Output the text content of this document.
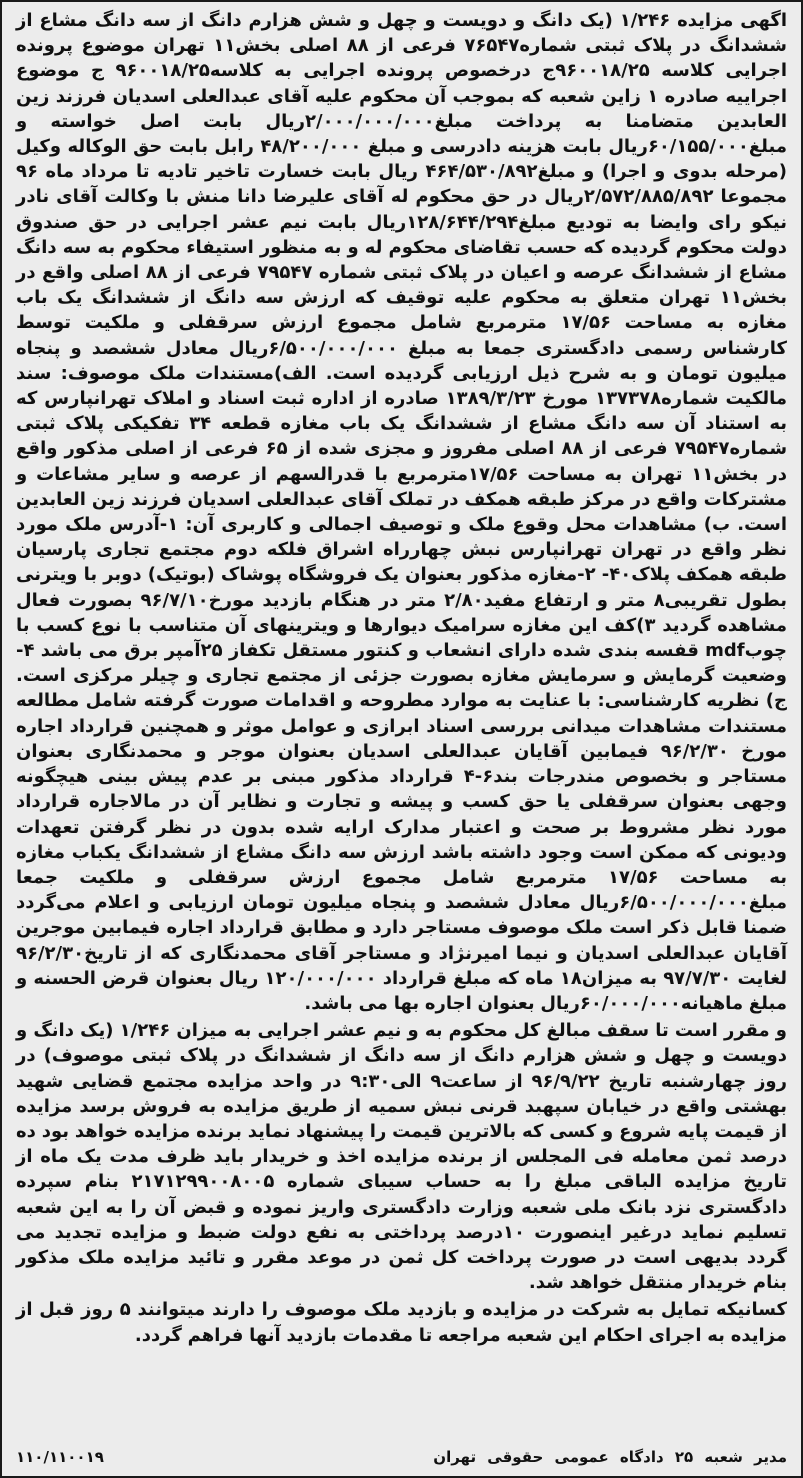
اگهی مزایده ۱/۲۴۶ (یک دانگ و دویست و چهل و شش هزارم دانگ از سه دانگ مشاع از ششدانگ در پلاک ثبتی شماره۷۶۵۴۷ فرعی از ۸۸ اصلی بخش۱۱ تهران موضوع پرونده اجرایی کلاسه ۹۶۰۰۱۸/۲۵ج درخصوص پرونده اجرایی به کلاسه۹۶۰۰۱۸/۲۵ ج موضوع اجراییه صادره ۱ زاین شعبه که بموجب آن محکوم علیه آقای عبدالعلی اسدیان فرزند زین العابدین متضامنا به پرداخت مبلغ۲/۰۰۰/۰۰۰/۰۰۰ریال بابت اصل خواسته و مبلغ۶۰/۱۵۵/۰۰۰ریال بابت هزینه دادرسی و مبلغ ۴۸/۲۰۰/۰۰۰ رابل بابت حق الوکاله وکیل (مرحله بدوی و اجرا) و مبلغ۴۶۴/۵۳۰/۸۹۲ ریال بابت خسارت تاخیر تادیه تا مرداد ماه ۹۶ مجموعا ۲/۵۷۲/۸۸۵/۸۹۲ریال در حق محکوم له آقای علیرضا دانا منش با وکالت آقای نادر نیکو رای وایضا به تودیع مبلغ۱۲۸/۶۴۴/۲۹۴ریال بابت نیم عشر اجرایی در حق صندوق دولت محکوم گردیده که حسب تقاضای محکوم له و به منظور استیفاء محکوم به سه دانگ مشاع از ششدانگ عرصه و اعیان در پلاک ثبتی شماره ۷۹۵۴۷ فرعی از ۸۸ اصلی واقع در بخش۱۱ تهران متعلق به محکوم علیه توقیف که ارزش سه دانگ از ششدانگ یک باب مغازه به مساحت ۱۷/۵۶ مترمربع شامل مجموع ارزش سرقفلی و ملکیت توسط کارشناس رسمی دادگستری جمعا به مبلغ ۶/۵۰۰/۰۰۰/۰۰۰ریال معادل ششصد و پنجاه میلیون تومان و به شرح ذیل ارزیابی گردیده است. الف)مستندات ملک موصوف: سند مالکیت شماره۱۳۷۳۷۸ مورخ ۱۳۸۹/۳/۲۳ صادره از اداره ثبت اسناد و املاک تهرانپارس که به استناد آن سه دانگ مشاع از ششدانگ یک باب مغازه قطعه ۳۴ تفکیکی پلاک ثبتی شماره۷۹۵۴۷ فرعی از ۸۸ اصلی مفروز و مجزی شده از ۶۵ فرعی از اصلی مذکور واقع در بخش۱۱ تهران به مساحت ۱۷/۵۶مترمربع با قدرالسهم از عرصه و سایر مشاعات و مشترکات واقع در مرکز طبقه همکف در تملک آقای عبدالعلی اسدیان فرزند زین العابدین است. ب) مشاهدات محل وقوع ملک و توصیف اجمالی و کاربری آن: ۱-آدرس ملک مورد نظر واقع در تهران تهرانپارس نبش چهارراه اشراق فلکه دوم مجتمع تجاری پارسیان طبقه همکف پلاک۴۰- ۲-مغازه مذکور بعنوان یک فروشگاه پوشاک (بوتیک) دوبر با ویترنی بطول تقریبی۸ متر و ارتفاع مفید۲/۸۰ متر در هنگام بازدید مورخ۹۶/۷/۱۰ بصورت فعال مشاهده گردید ۳)کف این مغازه سرامیک دیوارها و ویترینهای آن متناسب با نوع کسب با چوبmdf قفسه بندی شده دارای انشعاب و کنتور مستقل تکفاز ۲۵آمپر برق می باشد ۴-وضعیت گرمایش و سرمایش مغازه بصورت جزئی از مجتمع تجاری و چیلر مرکزی است. ج) نظریه کارشناسی: با عنایت به موارد مطروحه و اقدامات صورت گرفته شامل مطالعه مستندات مشاهدات میدانی بررسی اسناد ابرازی و عوامل موثر و همچنین قرارداد اجاره مورخ ۹۶/۲/۳۰ فیمابین آقایان عبدالعلی اسدیان بعنوان موجر و محمدنگاری بعنوان مستاجر و بخصوص مندرجات بند۶-۴ قرارداد مذکور مبنی بر عدم پیش بینی هیچگونه وجهی بعنوان سرقفلی یا حق کسب و پیشه و تجارت و نظایر آن در مالاجاره قرارداد مورد نظر مشروط بر صحت و اعتبار مدارک ارایه شده بدون در نظر گرفتن تعهدات ودیونی که ممکن است وجود داشته باشد ارزش سه دانگ مشاع از ششدانگ یکباب مغازه به مساحت ۱۷/۵۶ مترمربع شامل مجموع ارزش سرقفلی و ملکیت جمعا مبلغ۶/۵۰۰/۰۰۰/۰۰۰ریال معادل ششصد و پنجاه میلیون تومان ارزیابی و اعلام می‌گردد ضمنا قابل ذکر است ملک موصوف مستاجر دارد و مطابق قرارداد اجاره فیمابین موجرین آقایان عبدالعلی اسدیان و نیما امیرنژاد و مستاجر آقای محمدنگاری که از تاریخ۹۶/۲/۳۰ لغایت ۹۷/۷/۳۰ به میزان۱۸ ماه که مبلغ قرارداد ۱۲۰/۰۰۰/۰۰۰ ریال بعنوان قرض الحسنه و مبلغ ماهیانه۶۰/۰۰۰/۰۰۰ریال بعنوان اجاره بها می باشد.

و مقرر است تا سقف مبالغ کل محکوم به و نیم عشر اجرایی به میزان ۱/۲۴۶ (یک دانگ و دویست و چهل و شش هزارم دانگ از سه دانگ از ششدانگ در پلاک ثبتی موصوف) در روز چهارشنبه تاریخ ۹۶/۹/۲۲ از ساعت۹ الی۹:۳۰ در واحد مزایده مجتمع قضایی شهید بهشتی واقع در خیابان سپهبد قرنی نبش سمیه از طریق مزایده به فروش برسد مزایده از قیمت پایه شروع و کسی که بالاترین قیمت را پیشنهاد نماید برنده مزایده خواهد بود ده درصد ثمن معامله فی المجلس از برنده مزایده اخذ و خریدار باید ظرف مدت یک ماه از تاریخ مزایده الباقی مبلغ را به حساب سیبای شماره ۲۱۷۱۲۹۹۰۰۸۰۰۵ بنام سپرده دادگستری نزد بانک ملی شعبه وزارت دادگستری واریز نموده و قبض آن را به این شعبه تسلیم نماید درغیر اینصورت ۱۰درصد پرداختی به نفع دولت ضبط و مزایده تجدید می گردد بدیهی است در صورت پرداخت کل ثمن در موعد مقرر و تائید مزایده ملک مذکور بنام خریدار منتقل خواهد شد.

کسانیکه تمایل به شرکت در مزایده و بازدید ملک موصوف را دارند میتوانند ۵ روز قبل از مزایده به اجرای احکام این شعبه مراجعه تا مقدمات بازدید آنها فراهم گردد.

مدیر شعبه ۲۵ دادگاه عمومی حقوقی تهران
۱۱۰/۱۱۰۰۱۹
